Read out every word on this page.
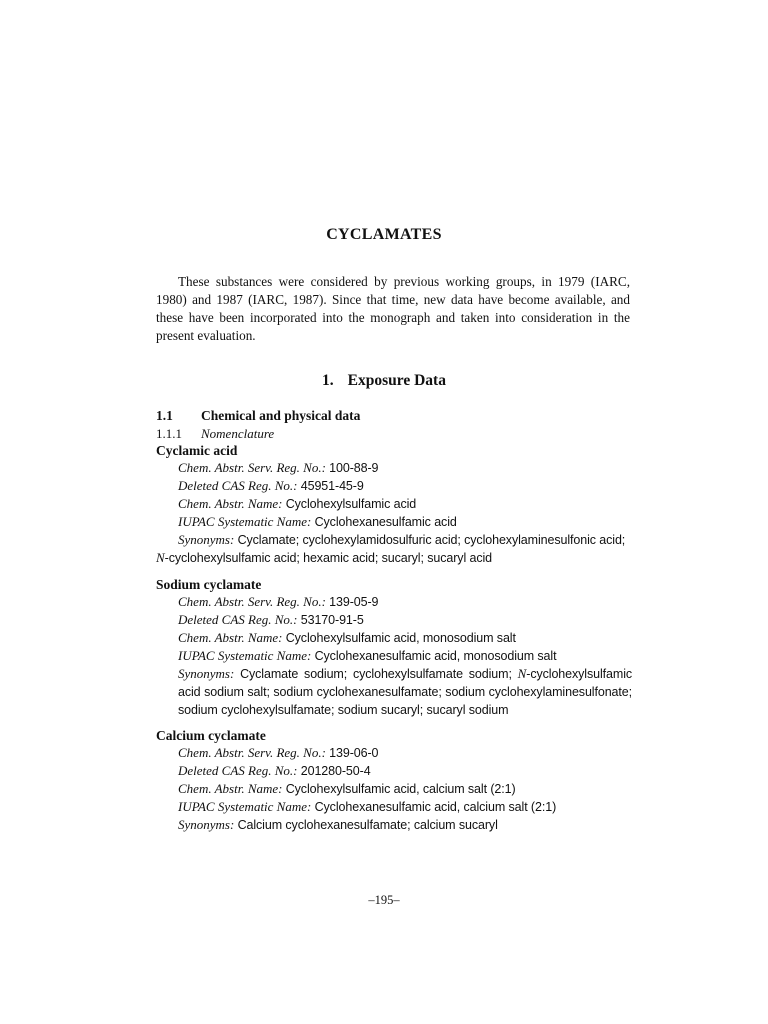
CYCLAMATES

These substances were considered by previous working groups, in 1979 (IARC, 1980) and 1987 (IARC, 1987). Since that time, new data have become available, and these have been incorporated into the monograph and taken into consideration in the present evaluation.

1. Exposure Data
1.1 Chemical and physical data
1.1.1 Nomenclature
Cyclamic acid

Chem. Abstr. Serv. Reg. No.: 100-88-9

Deleted CAS Reg. No.: 45951-45-9

Chem. Abstr. Name: Cyclohexylsulfamic acid

IUPAC Systematic Name: Cyclohexanesulfamic acid

Synonyms: Cyclamate; cyclohexylamidosulfuric acid; cyclohexylaminesulfonic acid;
N-cyclohexylsulfamic acid; hexamic acid; sucaryl; sucaryl acid

Sodium cyclamate

Chem. Abstr. Serv. Reg. No.: 139-05-9

Deleted CAS Reg. No.: 53170-91-5

Chem. Abstr. Name: Cyclohexylsulfamic acid, monosodium salt

IUPAC Systematic Name: Cyclohexanesulfamic acid, monosodium salt

Synonyms: Cyclamate sodium; cyclohexylsulfamate sodium; N-cyclohexylsulfamic acid sodium salt; sodium cyclohexanesulfamate; sodium cyclohexylaminesulfonate; sodium cyclohexylsulfamate; sodium sucaryl; sucaryl sodium

Calcium cyclamate

Chem. Abstr. Serv. Reg. No.: 139-06-0

Deleted CAS Reg. No.: 201280-50-4

Chem. Abstr. Name: Cyclohexylsulfamic acid, calcium salt (2:1)

IUPAC Systematic Name: Cyclohexanesulfamic acid, calcium salt (2:1)

Synonyms: Calcium cyclohexanesulfamate; calcium sucaryl

–195–
